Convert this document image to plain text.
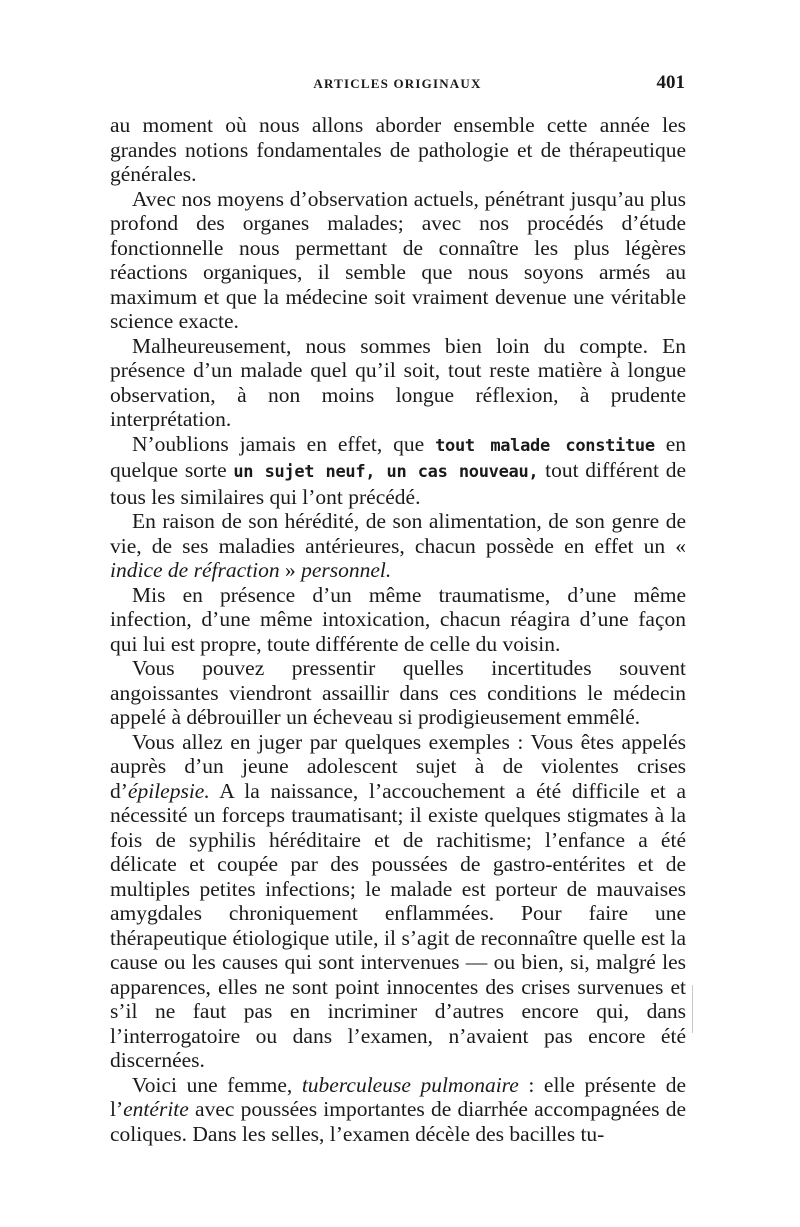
ARTICLES ORIGINAUX	401

au moment où nous allons aborder ensemble cette année les grandes notions fondamentales de pathologie et de thérapeutique générales.

Avec nos moyens d’observation actuels, pénétrant jusqu’au plus profond des organes malades; avec nos procédés d’étude fonctionnelle nous permettant de connaître les plus légères réactions organiques, il semble que nous soyons armés au maximum et que la médecine soit vraiment devenue une véritable science exacte.

Malheureusement, nous sommes bien loin du compte. En présence d’un malade quel qu’il soit, tout reste matière à longue observation, à non moins longue réflexion, à prudente interprétation.

N’oublions jamais en effet, que tout malade constitue en quelque sorte un sujet neuf, un cas nouveau, tout différent de tous les similaires qui l’ont précédé.

En raison de son hérédité, de son alimentation, de son genre de vie, de ses maladies antérieures, chacun possède en effet un « indice de réfraction » personnel.

Mis en présence d’un même traumatisme, d’une même infection, d’une même intoxication, chacun réagira d’une façon qui lui est propre, toute différente de celle du voisin.

Vous pouvez pressentir quelles incertitudes souvent angoissantes viendront assaillir dans ces conditions le médecin appelé à débrouiller un écheveau si prodigieusement emmêlé.

Vous allez en juger par quelques exemples : Vous êtes appelés auprès d’un jeune adolescent sujet à de violentes crises d’épilepsie. A la naissance, l’accouchement a été difficile et a nécessité un forceps traumatisant; il existe quelques stigmates à la fois de syphilis héréditaire et de rachitisme; l’enfance a été délicate et coupée par des poussées de gastro-entérites et de multiples petites infections; le malade est porteur de mauvaises amygdales chroniquement enflammées. Pour faire une thérapeutique étiologique utile, il s’agit de reconnaître quelle est la cause ou les causes qui sont intervenues — ou bien, si, malgré les apparences, elles ne sont point innocentes des crises survenues et s’il ne faut pas en incriminer d’autres encore qui, dans l’interrogatoire ou dans l’examen, n’avaient pas encore été discernées.

Voici une femme, tuberculeuse pulmonaire : elle présente de l’entérite avec poussées importantes de diarrhée accompagnées de coliques. Dans les selles, l’examen décèle des bacilles tu-
